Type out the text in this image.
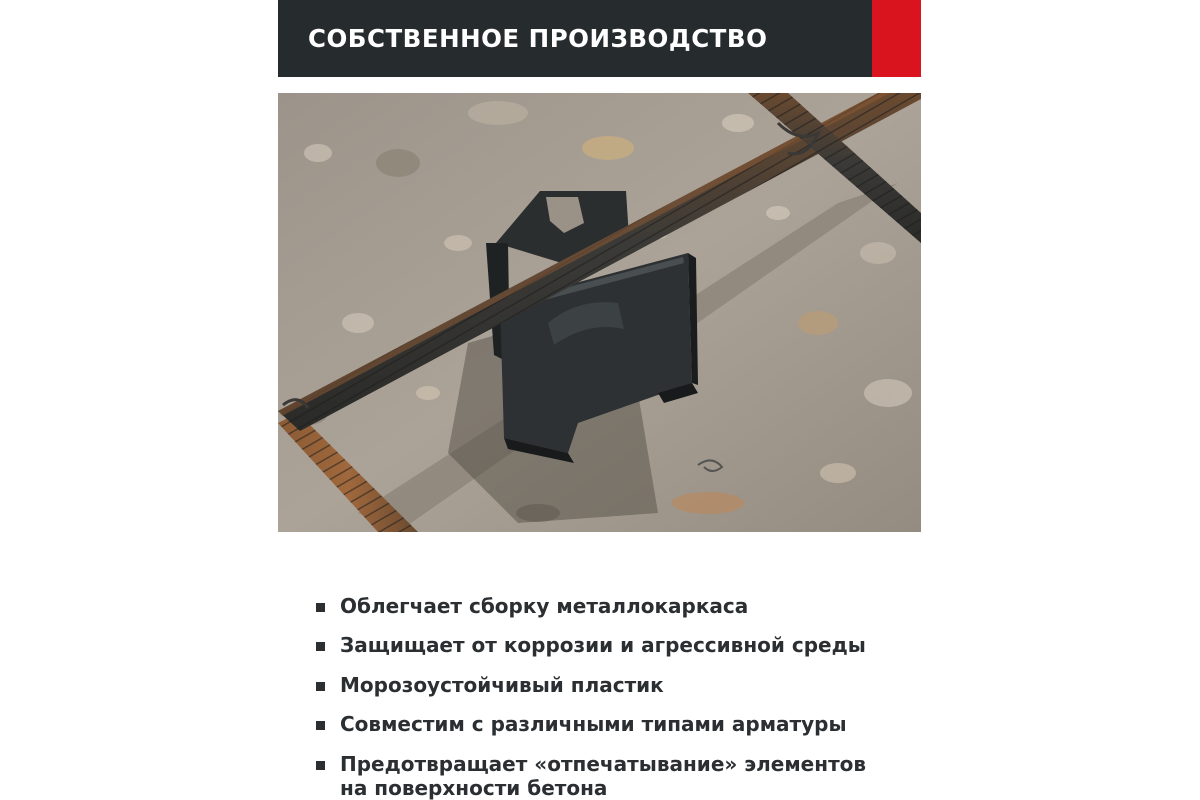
СОБСТВЕННОЕ ПРОИЗВОДСТВО
Облегчает сборку металлокаркаса
Защищает от коррозии и агрессивной среды
Морозоустойчивый пластик
Совместим с различными типами арматуры
Предотвращает «отпечатывание» элементов
на поверхности бетона
